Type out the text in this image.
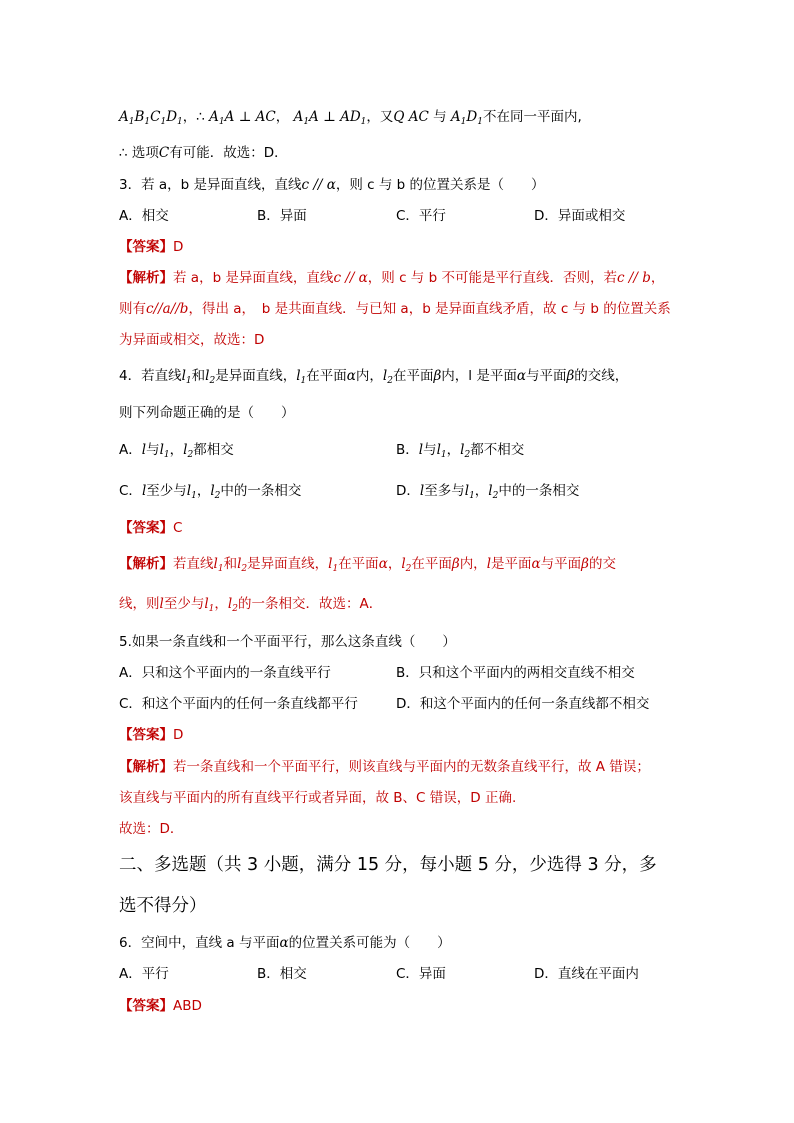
$A_1B_1C_1D_1$，∴ $A_1A$ ⊥ AC， $A_1A$ ⊥ $AD_1$，又Q AC 与 $A_1D_1$不在同一平面内,
∴ 选项C有可能．故选：D．
3．若 a，b 是异面直线，直线c // α，则 c 与 b 的位置关系是（　　）
A．相交	B．异面	C．平行	D．异面或相交
【答案】D
【解析】若 a，b 是异面直线，直线c // α，则 c 与 b 不可能是平行直线．否则，若c // b，
则有c//a//b，得出 a，　b 是共面直线．与已知 a，b 是异面直线矛盾，故 c 与 b 的位置关系
为异面或相交，故选：D
4．若直线$l_1$和$l_2$是异面直线，$l_1$在平面α内，$l_2$在平面β内，l 是平面α与平面β的交线，
则下列命题正确的是（　　）
A．l与$l_1$，$l_2$都相交	B．l与$l_1$，$l_2$都不相交
C．l至少与$l_1$，$l_2$中的一条相交	D．l至多与$l_1$，$l_2$中的一条相交
【答案】C
【解析】若直线$l_1$和$l_2$是异面直线，$l_1$在平面α，$l_2$在平面β内，l是平面α与平面β的交
线，则l至少与$l_1$，$l_2$的一条相交．故选：A．
5.如果一条直线和一个平面平行，那么这条直线（　　）
A．只和这个平面内的一条直线平行	B．只和这个平面内的两相交直线不相交
C．和这个平面内的任何一条直线都平行	D．和这个平面内的任何一条直线都不相交
【答案】D
【解析】若一条直线和一个平面平行，则该直线与平面内的无数条直线平行，故 A 错误；
该直线与平面内的所有直线平行或者异面，故 B、C 错误，D 正确.
故选：D．
二、多选题（共 3 小题，满分 15 分，每小题 5 分，少选得 3 分，多
选不得分）
6．空间中，直线 a 与平面α的位置关系可能为（　　）
A．平行	B．相交	C．异面	D．直线在平面内
【答案】ABD
